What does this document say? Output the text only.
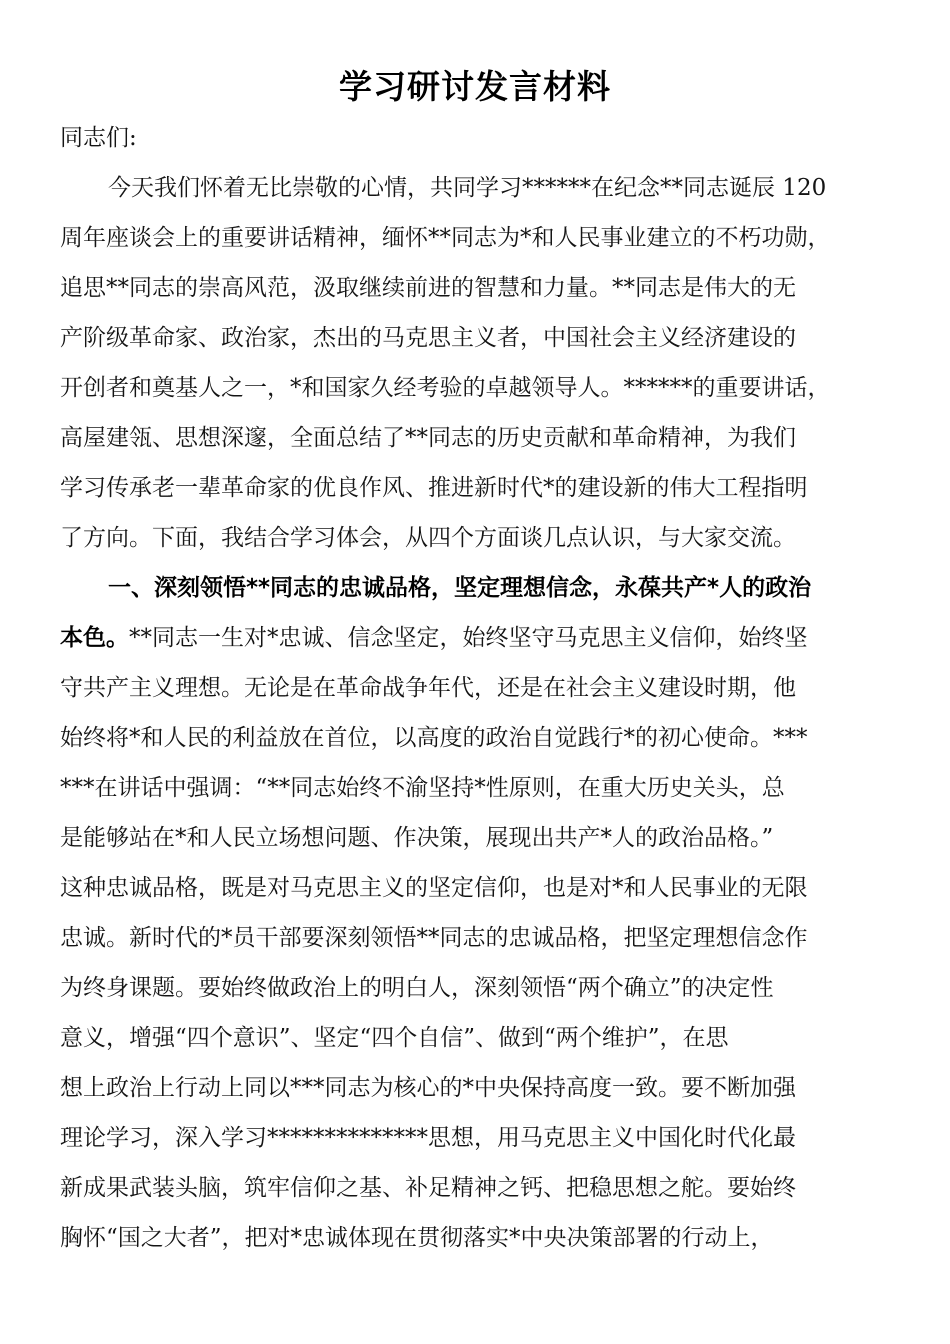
学习研讨发言材料
同志们:
今天我们怀着无比崇敬的心情，共同学习******在纪念**同志诞辰 120
周年座谈会上的重要讲话精神，缅怀**同志为*和人民事业建立的不朽功勋，
追思**同志的崇高风范，汲取继续前进的智慧和力量。**同志是伟大的无
产阶级革命家、政治家，杰出的马克思主义者，中国社会主义经济建设的
开创者和奠基人之一，*和国家久经考验的卓越领导人。******的重要讲话，
高屋建瓴、思想深邃，全面总结了**同志的历史贡献和革命精神，为我们
学习传承老一辈革命家的优良作风、推进新时代*的建设新的伟大工程指明
了方向。下面，我结合学习体会，从四个方面谈几点认识，与大家交流。
一、深刻领悟**同志的忠诚品格，坚定理想信念，永葆共产*人的政治
本色。**同志一生对*忠诚、信念坚定，始终坚守马克思主义信仰，始终坚
守共产主义理想。无论是在革命战争年代，还是在社会主义建设时期，他
始终将*和人民的利益放在首位，以高度的政治自觉践行*的初心使命。***
***在讲话中强调：“**同志始终不渝坚持*性原则，在重大历史关头，总
是能够站在*和人民立场想问题、作决策，展现出共产*人的政治品格。”
这种忠诚品格，既是对马克思主义的坚定信仰，也是对*和人民事业的无限
忠诚。新时代的*员干部要深刻领悟**同志的忠诚品格，把坚定理想信念作
为终身课题。要始终做政治上的明白人，深刻领悟“两个确立”的决定性
意义，增强“四个意识”、坚定“四个自信”、做到“两个维护”，在思
想上政治上行动上同以***同志为核心的*中央保持高度一致。要不断加强
理论学习，深入学习**************思想，用马克思主义中国化时代化最
新成果武装头脑，筑牢信仰之基、补足精神之钙、把稳思想之舵。要始终
胸怀“国之大者”，把对*忠诚体现在贯彻落实*中央决策部署的行动上，
